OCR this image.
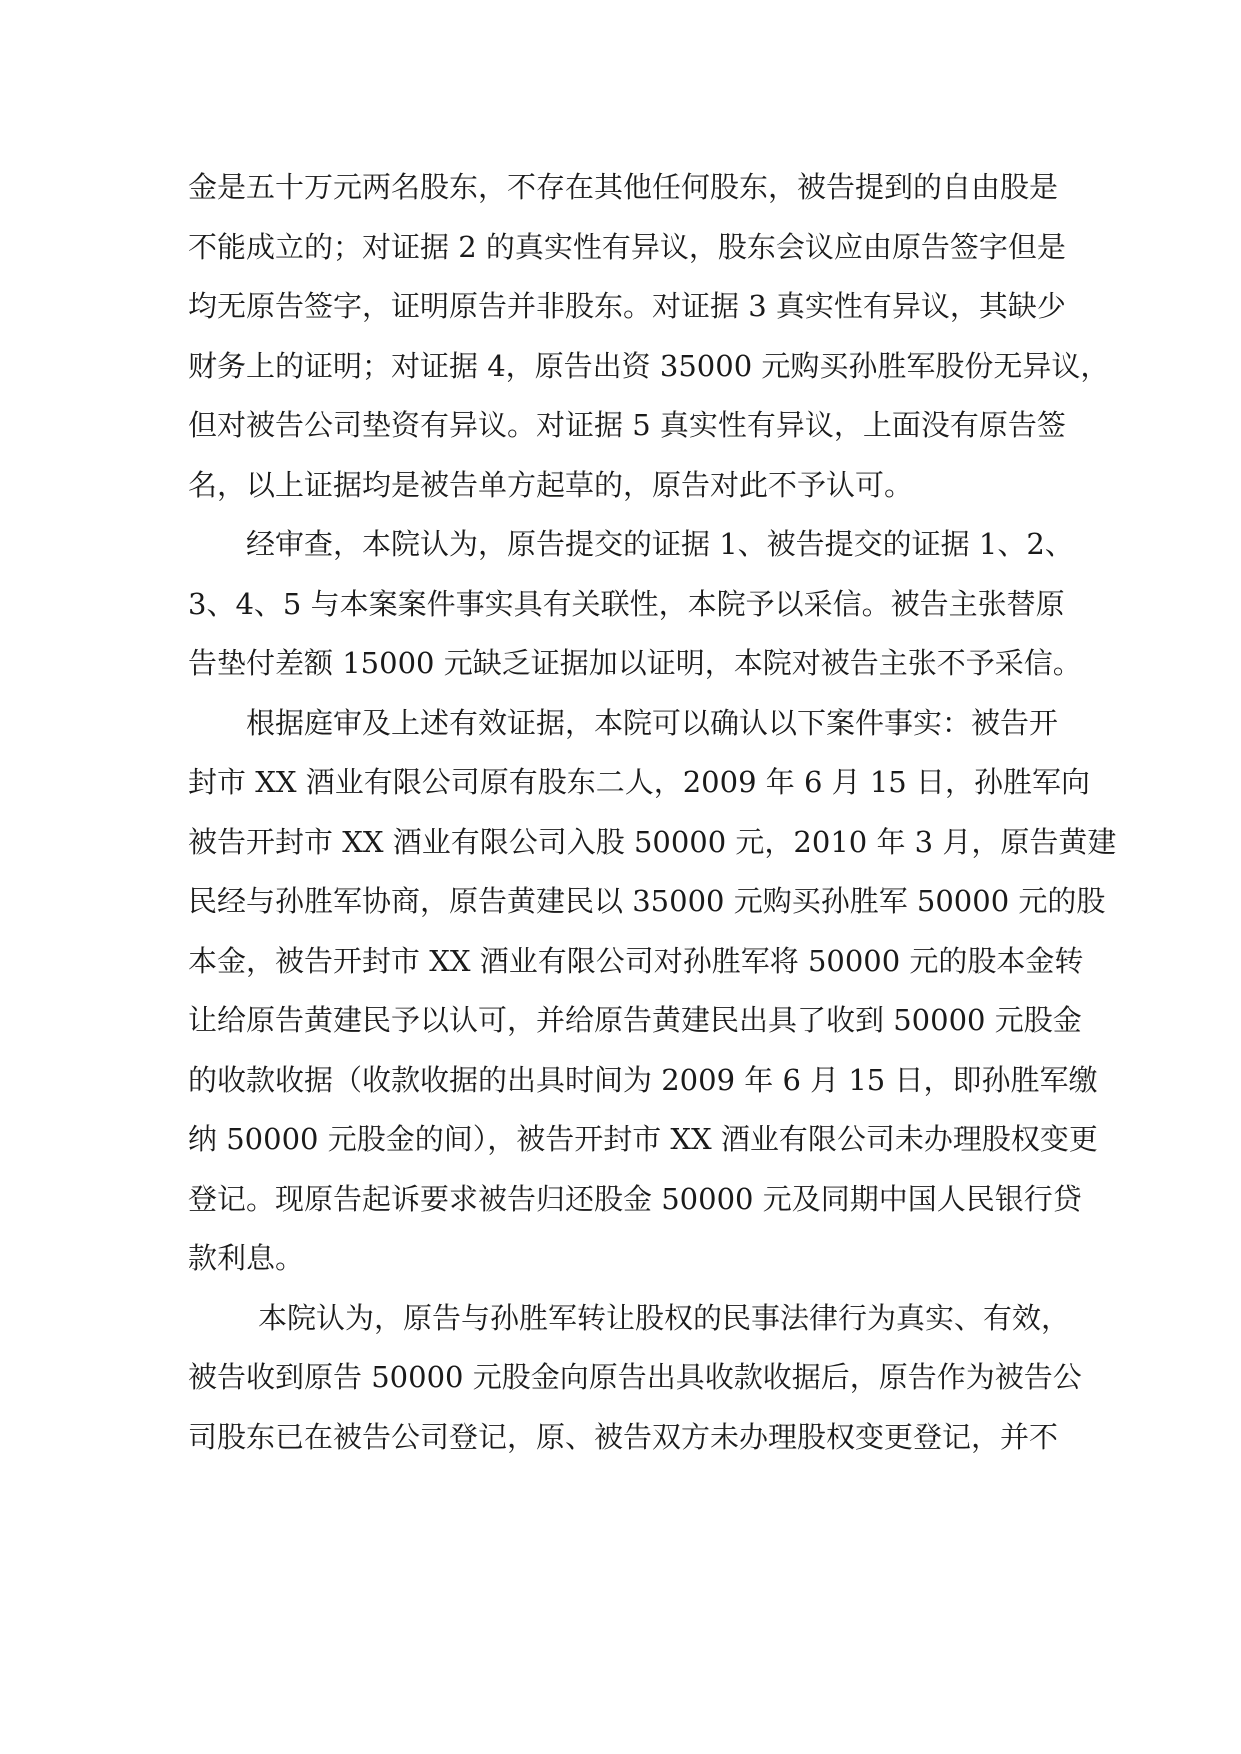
金是五十万元两名股东，不存在其他任何股东，被告提到的自由股是
不能成立的；对证据 2 的真实性有异议，股东会议应由原告签字但是
均无原告签字，证明原告并非股东。对证据 3 真实性有异议，其缺少
财务上的证明；对证据 4，原告出资 35000 元购买孙胜军股份无异议，
但对被告公司垫资有异议。对证据 5 真实性有异议，上面没有原告签
名，以上证据均是被告单方起草的，原告对此不予认可。

经审查，本院认为，原告提交的证据 1、被告提交的证据 1、2、
3、4、5 与本案案件事实具有关联性，本院予以采信。被告主张替原
告垫付差额 15000 元缺乏证据加以证明，本院对被告主张不予采信。

根据庭审及上述有效证据，本院可以确认以下案件事实：被告开
封市 XX 酒业有限公司原有股东二人，2009 年 6 月 15 日，孙胜军向
被告开封市 XX 酒业有限公司入股 50000 元，2010 年 3 月，原告黄建
民经与孙胜军协商，原告黄建民以 35000 元购买孙胜军 50000 元的股
本金，被告开封市 XX 酒业有限公司对孙胜军将 50000 元的股本金转
让给原告黄建民予以认可，并给原告黄建民出具了收到 50000 元股金
的收款收据（收款收据的出具时间为 2009 年 6 月 15 日，即孙胜军缴
纳 50000 元股金的间），被告开封市 XX 酒业有限公司未办理股权变更
登记。现原告起诉要求被告归还股金 50000 元及同期中国人民银行贷
款利息。

本院认为，原告与孙胜军转让股权的民事法律行为真实、有效，
被告收到原告 50000 元股金向原告出具收款收据后，原告作为被告公
司股东已在被告公司登记，原、被告双方未办理股权变更登记，并不
